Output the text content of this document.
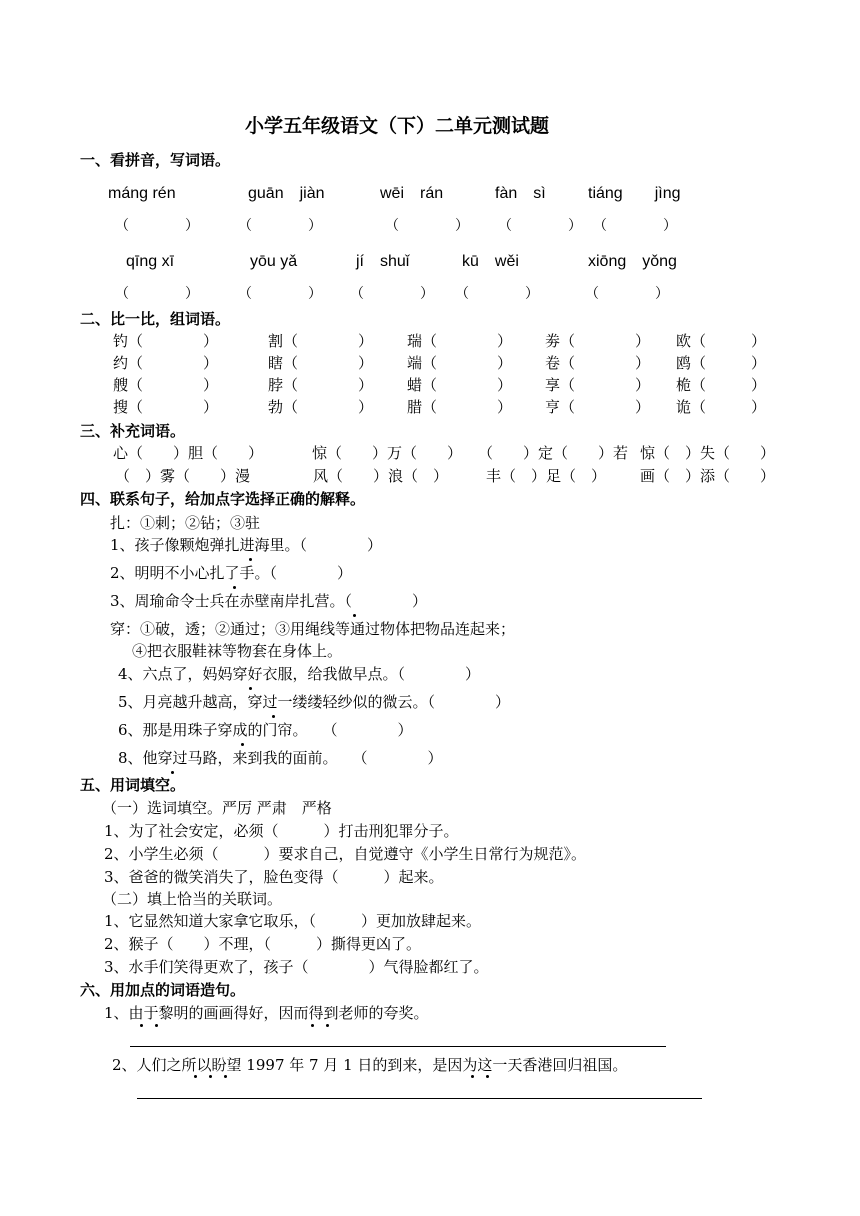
小学五年级语文（下）二单元测试题
一、看拼音，写词语。
máng rén	guān　jiàn	wēi　rán	fàn　sì	tiáng　　jìng
（　　　　）	（　　　　）	（　　　　） （　　　　） （　　　　）
qīng xī	yōu yǎ	jí　shuǐ	kū　wěi	xiōng　yǒng
（　　　　）	（　　　　） （　　　　） （　　　　）	（　　　　）
二、比一比，组词语。
钓（　　　　）	割（　　　　） 瑞（　　　　） 劵（　　　　） 欧（　　　）
约（　　　　）	瞎（　　　　） 端（　　　　） 卷（　　　　） 鸥（　　　）
艘（　　　　）	脖（　　　　） 蜡（　　　　） 享（　　　　） 桅（　　　）
搜（　　　　）	勃（　　　　） 腊（　　　　） 亨（　　　　） 诡（　　　）
三、补充词语。
心（　　）胆（　　）	惊（　　）万（　　） （　　）定（　　）若 惊（　）失（　　）
（　）雾（　　）漫	风（　　）浪（　）	丰（　）足（　） 画（　）添（　　）
四、联系句子，给加点字选择正确的解释。
扎：①刺；②钻；③驻
1、孩子像颗炮弹扎进海里。（　　　　）
2、明明不小心扎了手。（　　　　）
3、周瑜命令士兵在赤壁南岸扎营。（　　　　）
穿：①破，透；②通过；③用绳线等通过物体把物品连起来；
④把衣服鞋袜等物套在身体上。
4、六点了，妈妈穿好衣服，给我做早点。（　　　　）
5、月亮越升越高，穿过一缕缕轻纱似的微云。（　　　　）
6、那是用珠子穿成的门帘。　　（　　　　）
8、他穿过马路，来到我的面前。　　（　　　　）
五、用词填空。
（一）选词填空。严厉 严肃　严格
1、为了社会安定，必须（　　　）打击刑犯罪分子。
2、小学生必须（　　　）要求自己，自觉遵守《小学生日常行为规范》。
3、爸爸的微笑消失了，脸色变得（　　　）起来。
（二）填上恰当的关联词。
1、它显然知道大家拿它取乐，（　　　）更加放肆起来。
2、猴子（　　）不理，（　　　）撕得更凶了。
3、水手们笑得更欢了，孩子（　　　　）气得脸都红了。
六、用加点的词语造句。
1、由于黎明的画画得好，因而得到老师的夸奖。
2、人们之所以盼望 1997 年 7 月 1 日的到来，是因为这一天香港回归祖国。
